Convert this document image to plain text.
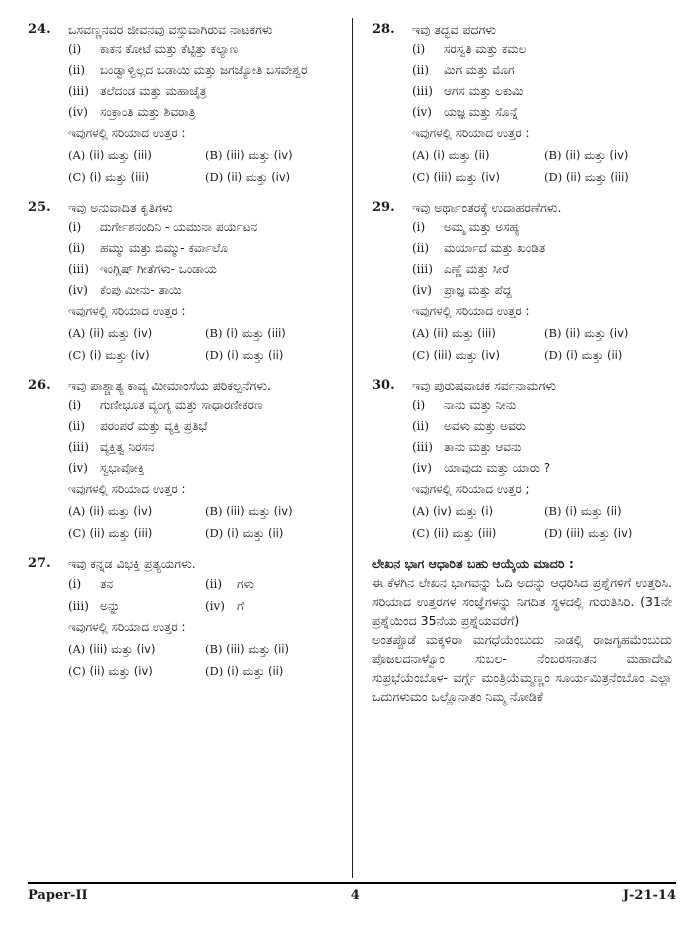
24.	ಒಸವಣ್ಣನವರ ಜೀವನವು ವಸ್ತುವಾಗಿರುವ ನಾಟಕಗಳು
(i)	ಕಾಕನ ಕೋಟೆ ಮತ್ತು ಕೆಟ್ಟಿತ್ತು ಕಲ್ಯಾಣ
(ii)	ಬಂಡ್ವಾಳ್ವಿಲ್ಲದ ಬಡಾಯಿ ಮತ್ತು ಜಗಜ್ಯೋತಿ ಬಸವೇಶ್ವರ
(iii) ತಲೆದಂಡ ಮತ್ತು ಮಹಾಚೈತ್ರ
(iv)	ಸಂಕ್ರಾಂತಿ ಮತ್ತು ಶಿವರಾತ್ರಿ
ಇವುಗಳಲ್ಲಿ ಸರಿಯಾದ ಉತ್ತರ :
(A) (ii) ಮತ್ತು (iii)	(B) (iii) ಮತ್ತು (iv)
(C) (i) ಮತ್ತು (iii)	(D) (ii) ಮತ್ತು (iv)
25.	ಇವು ಅನುವಾದಿತ ಕೃತಿಗಳು
(i)	ದುರ್ಗೇಶನಂದಿನಿ - ಯಮುನಾ ಪರ್ಯಟನ
(ii)	ಹಮ್ಮು ಮತ್ತು ಬಿಮ್ಮು- ಕರ್ವಾಲೊ
(iii) ಇಂಗ್ಲಿಷ್ ಗೀತೆಗಳು- ಒಂಡಾಯ
(iv)	ಕೆಂಪು ಮೀನು- ತಾಯಿ
ಇವುಗಳಲ್ಲಿ ಸರಿಯಾದ ಉತ್ತರ :
(A) (ii) ಮತ್ತು (iv)	(B) (i) ಮತ್ತು (iii)
(C) (i) ಮತ್ತು (iv)	(D) (i) ಮತ್ತು (ii)
26.	ಇವು ಪಾಶ್ಚಾತ್ಯ ಕಾವ್ಯ ಮೀಮಾಂಸೆಯ ಪರಿಕಲ್ಪನೆಗಳು.
(i)	ಗುಣೀಭೂತ ವ್ಯಂಗ್ಯ ಮತ್ತು ಸಾಧಾರಣೀಕರಣ
(ii)	ಪರಂಪರೆ ಮತ್ತು ವ್ಯಕ್ತಿ ಪ್ರತಿಭೆ
(iii) ವ್ಯಕ್ತಿತ್ವ ನಿರಸನ
(iv)	ಸ್ವಭಾವೋಕ್ತಿ
ಇವುಗಳಲ್ಲಿ ಸರಿಯಾದ ಉತ್ತರ :
(A) (ii) ಮತ್ತು (iv)	(B) (iii) ಮತ್ತು (iv)
(C) (ii) ಮತ್ತು (iii)	(D) (i) ಮತ್ತು (ii)
27.	ಇವು ಕನ್ನಡ ವಿಭಕ್ತಿ ಪ್ರತ್ಯಯಗಳು.
(i) ತನ	(ii) ಗಳು
(iii) ಅನ್ನು	(iv) ಗೆ
ಇವುಗಳಲ್ಲಿ ಸರಿಯಾದ ಉತ್ತರ :
(A) (iii) ಮತ್ತು (iv)	(B) (iii) ಮತ್ತು (ii)
(C) (ii) ಮತ್ತು (iv)	(D) (i) ಮತ್ತು (ii)
28.	ಇವು ತದ್ಭವ ಪದಗಳು
(i)	ಸರಸ್ವತಿ ಮತ್ತು ಕಮಲ
(ii)	ಮಿಗ ಮತ್ತು ಮೊಗ
(iii) ಆಗಸ ಮತ್ತು ಲಕುಮಿ
(iv)	ಯಜ್ಞ ಮತ್ತು ಸೊನ್ನೆ
ಇವುಗಳಲ್ಲಿ ಸರಿಯಾದ ಉತ್ತರ :
(A) (i) ಮತ್ತು (ii)	(B) (ii) ಮತ್ತು (iv)
(C) (iii) ಮತ್ತು (iv)	(D) (ii) ಮತ್ತು (iii)
29.	ಇವು ಅರ್ಥಾಂತರಕ್ಕೆ ಉದಾಹರಣೆಗಳು.
(i)	ಅಮ್ಮ ಮತ್ತು ಅಸಹ್ಯ
(ii)	ಮರ್ಯಾದೆ ಮತ್ತು ಖಂಡಿತ
(iii) ಎಣ್ಣೆ ಮತ್ತು ಸೀರೆ
(iv)	ಪ್ರಾಜ್ಞ ಮತ್ತು ಪೆದ್ದ
ಇವುಗಳಲ್ಲಿ ಸರಿಯಾದ ಉತ್ತರ :
(A) (ii) ಮತ್ತು (iii)	(B) (ii) ಮತ್ತು (iv)
(C) (iii) ಮತ್ತು (iv)	(D) (i) ಮತ್ತು (ii)
30.	ಇವು ಪುರುಷವಾಚಕ ಸರ್ವನಾಮಗಳು
(i)	ನಾನು ಮತ್ತು ನೀನು
(ii)	ಅವಳು ಮತ್ತು ಅವರು
(iii) ತಾನು ಮತ್ತು ಆವನು
(iv)	ಯಾವುದು ಮತ್ತು ಯಾರು ?
ಇವುಗಳಲ್ಲಿ ಸರಿಯಾದ ಉತ್ತರ ;
(A) (iv) ಮತ್ತು (i)	(B) (i) ಮತ್ತು (ii)
(C) (ii) ಮತ್ತು (iii)	(D) (iii) ಮತ್ತು (iv)
ಲೇಖನ ಭಾಗ ಆಧಾರಿತ ಬಹು ಆಯ್ಕೆಯ ಮಾದರಿ :
ಈ ಕೆಳಗಿನ ಲೇಖನ ಭಾಗವನ್ನು ಓದಿ ಅದನ್ನು ಆಧರಿಸಿದ ಪ್ರಶ್ನೆಗಳಿಗೆ ಉತ್ತರಿಸಿ. ಸರಿಯಾದ ಉತ್ತರಗಳ ಸಂಜ್ಞೆಗಳನ್ನು ನಿಗದಿತ ಸ್ಥಳದಲ್ಲಿ ಗುರುತಿಸಿರಿ. (31ನೇ ಪ್ರಶ್ನೆಯಿಂದ 35ನೆಯ ಪ್ರಶ್ನೆಯವರೆಗೆ)
ಅಂತಪ್ಪೊಡೆ ಮಕ್ಕಳಿರಾ ಮಗಧೆಯೆಂಬುದು ನಾಡಲ್ಲಿ ರಾಜಗೃಹಮೆಂಬುದು ಪೊಜಲದನಾಳ್ವೊಂ ಸುಬಲ- ನೆಂಬರಸನಾತನ ಮಹಾದೇವಿ ಸುಪ್ರಭೆಯೆಂಬೊಳ- ವರ್ಗ್ಗೆ ಮಂತ್ರಿಯೆಮ್ಮಣ್ಣಂ ಸೂರ್ಯಮಿತ್ರನೆಂಬೊಂ ಎಲ್ಲಾ ಒದುಗಳುಮಂ ಒಲ್ಲೊನಾತಂ ನಿಮ್ಮ ನೋಡಿಕೆ
Paper-II	4	J-21-14
